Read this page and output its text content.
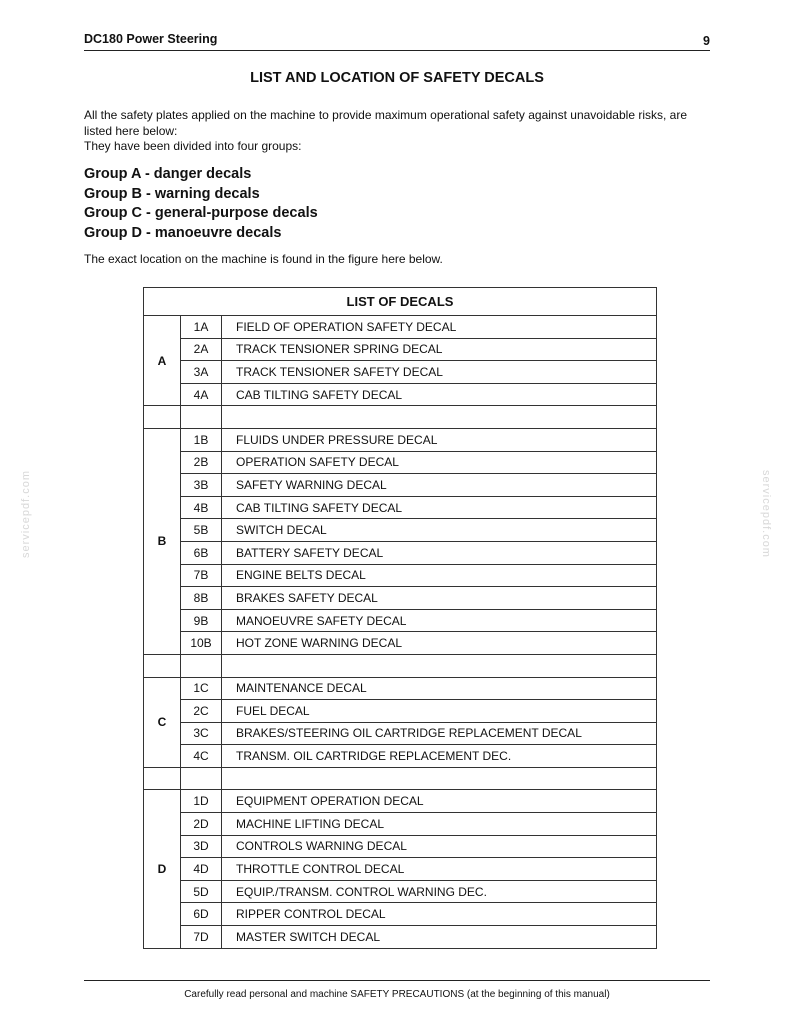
DC180 Power Steering	9
LIST AND LOCATION OF SAFETY DECALS
All the safety plates applied on the machine to provide maximum operational safety against unavoidable risks, are listed here below:
They have been divided into four groups:
Group A - danger decals
Group B - warning decals
Group C - general-purpose decals
Group D - manoeuvre decals
The exact location on the machine is found in the figure here below.
LIST OF DECALS		
A	1A	FIELD OF OPERATION SAFETY DECAL
	2A	TRACK TENSIONER SPRING DECAL
	3A	TRACK TENSIONER SAFETY DECAL
	4A	CAB TILTING SAFETY DECAL

B	1B	FLUIDS UNDER PRESSURE DECAL
	2B	OPERATION SAFETY DECAL
	3B	SAFETY WARNING DECAL
	4B	CAB TILTING SAFETY DECAL
	5B	SWITCH DECAL
	6B	BATTERY SAFETY DECAL
	7B	ENGINE BELTS DECAL
	8B	BRAKES SAFETY DECAL
	9B	MANOEUVRE SAFETY DECAL
	10B	HOT ZONE WARNING DECAL

C	1C	MAINTENANCE DECAL
	2C	FUEL DECAL
	3C	BRAKES/STEERING OIL CARTRIDGE REPLACEMENT DECAL
	4C	TRANSM. OIL CARTRIDGE REPLACEMENT DEC.

D	1D	EQUIPMENT OPERATION DECAL
	2D	MACHINE LIFTING DECAL
	3D	CONTROLS WARNING DECAL
	4D	THROTTLE CONTROL DECAL
	5D	EQUIP./TRANSM. CONTROL WARNING DEC.
	6D	RIPPER CONTROL DECAL
	7D	MASTER SWITCH DECAL
servicepdf.com	servicepdf.com
Carefully read personal and machine SAFETY PRECAUTIONS (at the beginning of this manual)
